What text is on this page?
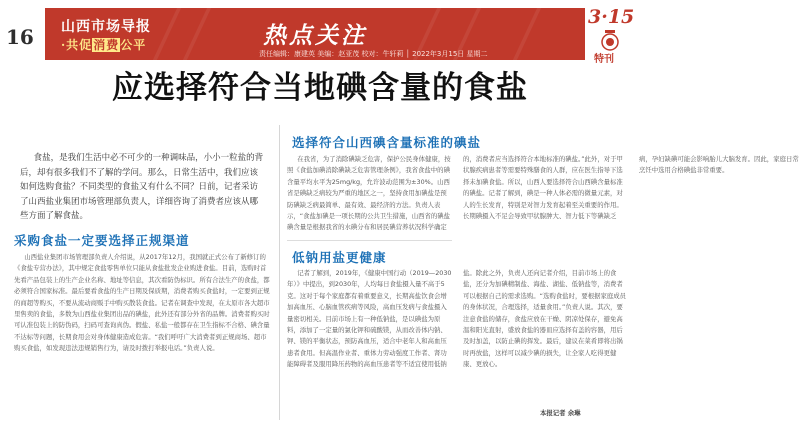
16 山西市场导报
·共促消费公平	热点关注
责任编辑：康建英 美编：赵亚茂 校对：牛轩莉 │ 2022年3月15日 星期二
3·15
特刊
应选择符合当地碘含量的食盐
食盐，是我们生活中必不可少的一种调味品，小小一粒盐的背后，却有很多我们不了解的学问。那么，日常生活中，我们应该如何选购食盐？不同类型的食盐又有什么不同？日前，记者采访了山西盐业集团市场管理部负责人，详细咨询了消费者应该从哪些方面了解食盐。
采购食盐一定要选择正规渠道
山西盐业集团市场管理部负责人介绍说，从2017年12月，我国就正式公布了新修订的《食盐专营办法》，其中规定食盐零售单位只能从食盐批发企业购进食盐。目前，选购时首先看产品包装上的生产企业名称、地址等信息，其次看防伪标识。所有合法生产的食盐，都必须符合国家标准。最后要看食盐的生产日期及保质期，消费者购买食盐时，一定要到正规的商超等购买，不要从流动商贩手中购买散装食盐。记者在调查中发现，在太原市各大超市里售卖的食盐，多数为山西盐业集团出品的碘盐，此外还有部分外省的品牌。消费者购买时可认准包装上的防伪码，扫码可查询真伪。假盐、私盐一般都存在卫生指标不合格、碘含量不达标等问题，长期食用会对身体健康造成危害。“我们呼吁广大消费者到正规商场、超市购买食盐，如发现违法违规销售行为，请及时拨打举报电话。”负责人说。
选择符合山西碘含量标准的碘盐
在我省，为了消除碘缺乏危害，保护公民身体健康，按照《食盐加碘消除碘缺乏危害管理条例》，我省食盐中的碘含量平均水平为25mg/kg，允许波动范围为±30%。山西省是碘缺乏病较为严重的地区之一，坚持食用加碘盐是预防碘缺乏病最简单、最有效、最经济的方法。负责人表示，“食盐加碘是一项长期的公共卫生措施，山西省的碘盐碘含量是根据我省的水碘分布和居民碘营养状况科学确定的，消费者应当选择符合本地标准的碘盐。”此外，对于甲状腺疾病患者等需要特殊膳食的人群，应在医生指导下选择未加碘食盐。所以，山西人要选择符合山西碘含量标准的碘盐。记者了解到，碘是一种人体必需的微量元素，对人的生长发育，特别是对智力发育起着至关重要的作用。长期碘摄入不足会导致甲状腺肿大、智力低下等碘缺乏病，孕妇缺碘可能会影响胎儿大脑发育。因此，家庭日常烹饪中选用合格碘盐非常重要。
低钠用盐更健康
记者了解到，2019年，《健康中国行动（2019—2030年）》中提出，到2030年，人均每日食盐摄入量不高于5克。这对于每个家庭都有着重要意义，长期高盐饮食会增加高血压、心脑血管疾病等风险，高血压发病与食盐摄入量密切相关。目前市场上有一种低钠盐，是以碘盐为原料，添加了一定量的氯化钾和硫酸镁，从而改善体内钠、钾、镁的平衡状态，预防高血压，适合中老年人和高血压患者食用。但高温作业者、重体力劳动强度工作者、肾功能障碍者及服用降压药物的高血压患者等不适宜使用低钠盐。除此之外，负责人还向记者介绍，目前市场上的食盐，还分为加碘精制盐、海盐、湖盐、低钠盐等，消费者可以根据自己的需求选购。“选购食盐时，要根据家庭成员的身体状况，合理选择，适量食用。”负责人说。其次，要注意食盐的储存，食盐应放在干燥、阴凉处保存，避免高温和阳光直射，盛放食盐的器皿应选择有盖的容器，用后及时加盖，以防止碘的挥发。最后，建议在菜肴即将出锅时再放盐，这样可以减少碘的损失，让全家人吃得更健康、更放心。
本报记者 余琳
